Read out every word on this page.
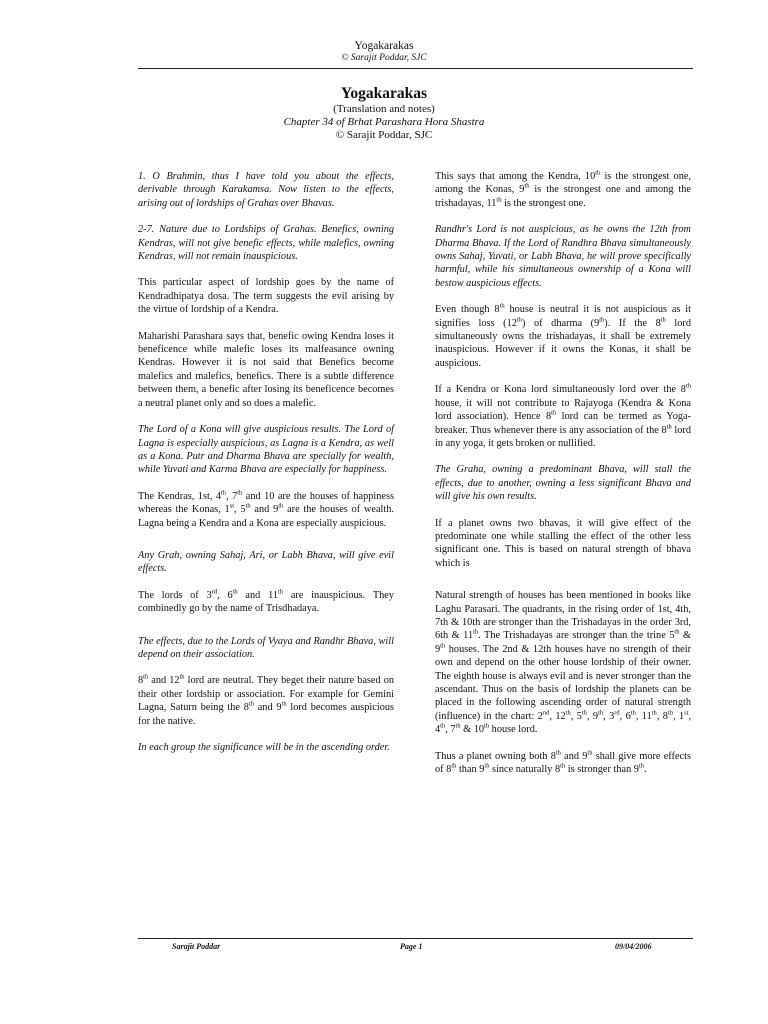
Yogakarakas
© Sarajit Poddar, SJC
Yogakarakas
(Translation and notes)
Chapter 34 of Brhat Parashara Hora Shastra
© Sarajit Poddar, SJC

1. O Brahmin, thus I have told you about the effects, derivable through Karakamsa. Now listen to the effects, arising out of lordships of Grahas over Bhavas.

2-7. Nature due to Lordships of Grahas. Benefics, owning Kendras, will not give benefic effects, while malefics, owning Kendras, will not remain inauspicious.

This particular aspect of lordship goes by the name of Kendradhipatya dosa. The term suggests the evil arising by the virtue of lordship of a Kendra.

Maharishi Parashara says that, benefic owing Kendra loses it beneficence while malefic loses its malfeasance owning Kendras. However it is not said that Benefics become malefics and malefics, benefics. There is a subtle difference between them, a benefic after losing its beneficence becomes a neutral planet only and so does a malefic.

The Lord of a Kona will give auspicious results. The Lord of Lagna is especially auspicious, as Lagna is a Kendra, as well as a Kona. Putr and Dharma Bhava are specially for wealth, while Yuvati and Karma Bhava are especially for happiness.

The Kendras, 1st, 4th, 7th and 10 are the houses of happiness whereas the Konas, 1st, 5th and 9th are the houses of wealth. Lagna being a Kendra and a Kona are especially auspicious.

Any Grah, owning Sahaj, Ari, or Labh Bhava, will give evil effects.

The lords of 3rd, 6th and 11th are inauspicious. They combinedly go by the name of Trisdhadaya.

The effects, due to the Lords of Vyaya and Randhr Bhava, will depend on their association.

8th and 12th lord are neutral. They beget their nature based on their other lordship or association. For example for Gemini Lagna, Saturn being the 8th and 9th lord becomes auspicious for the native.

In each group the significance will be in the ascending order.

This says that among the Kendra, 10th is the strongest one, among the Konas, 9th is the strongest one and among the trishadayas, 11th is the strongest one.

Randhr's Lord is not auspicious, as he owns the 12th from Dharma Bhava. If the Lord of Randhra Bhava simultaneously owns Sahaj, Yuvati, or Labh Bhava, he will prove specifically harmful, while his simultaneous ownership of a Kona will bestow auspicious effects.

Even though 8th house is neutral it is not auspicious as it signifies loss (12th) of dharma (9th). If the 8th lord simultaneously owns the trishadayas, it shall be extremely inauspicious. However if it owns the Konas, it shall be auspicious.

If a Kendra or Kona lord simultaneously lord over the 8th house, it will not contribute to Rajayoga (Kendra & Kona lord association). Hence 8th lord can be termed as Yoga-breaker. Thus whenever there is any association of the 8th lord in any yoga, it gets broken or nullified.

The Graha, owning a predominant Bhava, will stall the effects, due to another, owning a less significant Bhava and will give his own results.

If a planet owns two bhavas, it will give effect of the predominate one while stalling the effect of the other less significant one. This is based on natural strength of bhava which is

Natural strength of houses has been mentioned in books like Laghu Parasari. The quadrants, in the rising order of 1st, 4th, 7th & 10th are stronger than the Trishadayas in the order 3rd, 6th & 11th. The Trishadayas are stronger than the trine 5th & 9th houses. The 2nd & 12th houses have no strength of their own and depend on the other house lordship of their owner. The eighth house is always evil and is never stronger than the ascendant. Thus on the basis of lordship the planets can be placed in the following ascending order of natural strength (influence) in the chart: 2nd, 12th, 5th, 9th, 3rd, 6th, 11th, 8th, 1st, 4th, 7th & 10th house lord.

Thus a planet owning both 8th and 9th shall give more effects of 8th than 9th since naturally 8th is stronger than 9th.

Sarajit Poddar	Page 1	09/04/2006
